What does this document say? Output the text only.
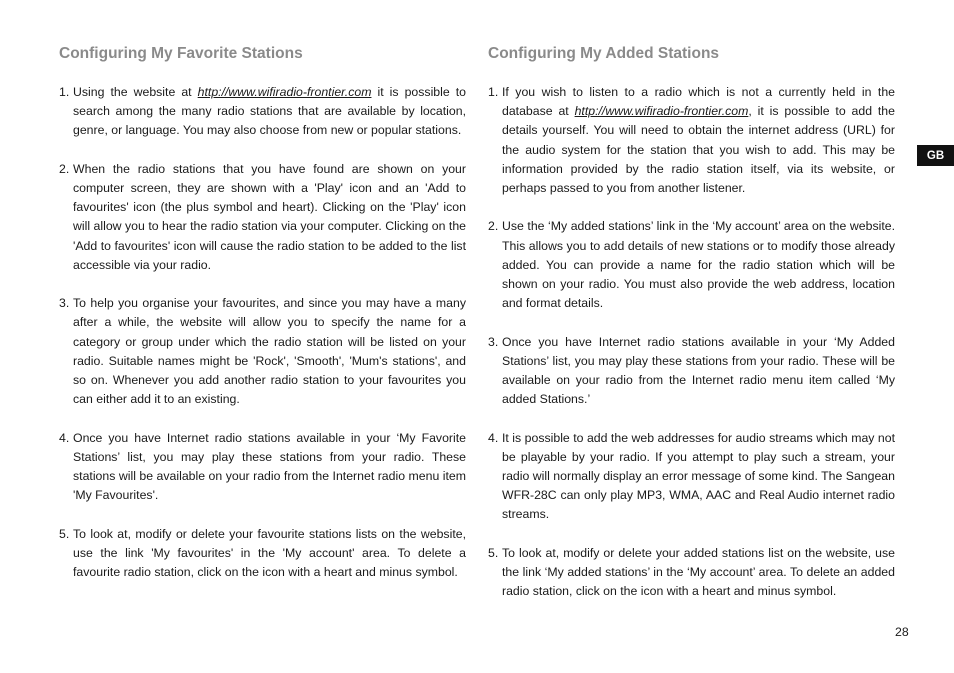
Configuring My Favorite Stations
1. Using the website at http://www.wifiradio-frontier.com it is possible to search among the many radio stations that are available by location, genre, or language. You may also choose from new or popular stations.
2. When the radio stations that you have found are shown on your computer screen, they are shown with a 'Play' icon and an 'Add to favourites' icon (the plus symbol and heart). Clicking on the 'Play' icon will allow you to hear the radio station via your computer. Clicking on the 'Add to favourites' icon will cause the radio station to be added to the list accessible via your radio.
3. To help you organise your favourites, and since you may have a many after a while, the website will allow you to specify the name for a category or group under which the radio station will be listed on your radio. Suitable names might be 'Rock', 'Smooth', 'Mum's stations', and so on. Whenever you add another radio station to your favourites you can either add it to an existing.
4. Once you have Internet radio stations available in your ‘My Favorite Stations’ list, you may play these stations from your radio. These stations will be available on your radio from the Internet radio menu item 'My Favourites'.
5. To look at, modify or delete your favourite stations lists on the website, use the link 'My favourites' in the 'My account' area. To delete a favourite radio station, click on the icon with a heart and minus symbol.
Configuring My Added Stations
1. If you wish to listen to a radio which is not a currently held in the database at http://www.wifiradio-frontier.com, it is possible to add the details yourself. You will need to obtain the internet address (URL) for the audio system for the station that you wish to add. This may be information provided by the radio station itself, via its website, or perhaps passed to you from another listener.
2. Use the ‘My added stations’ link in the ‘My account’ area on the website. This allows you to add details of new stations or to modify those already added. You can provide a name for the radio station which will be shown on your radio. You must also provide the web address, location and format details.
3. Once you have Internet radio stations available in your ‘My Added Stations’ list, you may play these stations from your radio. These will be available on your radio from the Internet radio menu item called ‘My added Stations.’
4. It is possible to add the web addresses for audio streams which may not be playable by your radio. If you attempt to play such a stream, your radio will normally display an error message of some kind. The Sangean WFR-28C can only play MP3, WMA, AAC and Real Audio internet radio streams.
5. To look at, modify or delete your added stations list on the website, use the link ‘My added stations’ in the ‘My account’ area. To delete an added radio station, click on the icon with a heart and minus symbol.
GB
28
